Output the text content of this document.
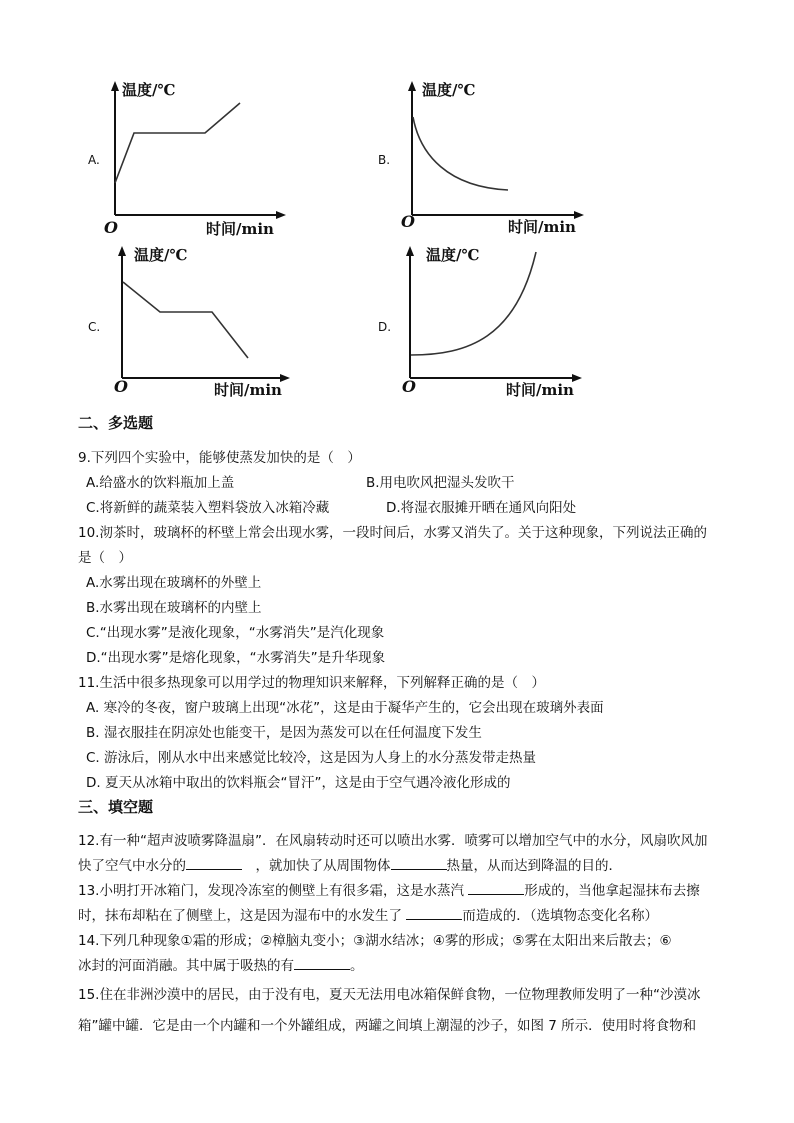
A.
温度/℃
O	时间/min
B.
温度/℃
O	时间/min
C.
温度/℃
O	时间/min
D.
温度/℃
O	时间/min
二、多选题
9.下列四个实验中，能够使蒸发加快的是（　）
A.给盛水的饮料瓶加上盖	B.用电吹风把湿头发吹干
C.将新鲜的蔬菜装入塑料袋放入冰箱冷藏	D.将湿衣服摊开晒在通风向阳处
10.沏茶时，玻璃杯的杯壁上常会出现水雾，一段时间后，水雾又消失了。关于这种现象，下列说法正确的
是（　）
A.水雾出现在玻璃杯的外壁上
B.水雾出现在玻璃杯的内壁上
C.“出现水雾”是液化现象，“水雾消失”是汽化现象
D.“出现水雾”是熔化现象，“水雾消失”是升华现象
11.生活中很多热现象可以用学过的物理知识来解释，下列解释正确的是（　）
A. 寒冷的冬夜，窗户玻璃上出现“冰花”，这是由于凝华产生的，它会出现在玻璃外表面
B. 湿衣服挂在阴凉处也能变干，是因为蒸发可以在任何温度下发生
C. 游泳后，刚从水中出来感觉比较冷，这是因为人身上的水分蒸发带走热量
D. 夏天从冰箱中取出的饮料瓶会“冒汗”，这是由于空气遇冷液化形成的
三、填空题
12.有一种“超声波喷雾降温扇”．在风扇转动时还可以喷出水雾．喷雾可以增加空气中的水分，风扇吹风加
快了空气中水分的	　，就加快了从周围物体	热量，从而达到降温的目的．
13.小明打开冰箱门，发现冷冻室的侧壁上有很多霜，这是水蒸汽	形成的，当他拿起湿抹布去擦
时，抹布却粘在了侧壁上，这是因为湿布中的水发生了	而造成的．（选填物态变化名称）
14.下列几种现象①霜的形成；②樟脑丸变小；③湖水结冰；④雾的形成；⑤雾在太阳出来后散去；⑥
冰封的河面消融。其中属于吸热的有	。
15.住在非洲沙漠中的居民，由于没有电，夏天无法用电冰箱保鲜食物，一位物理教师发明了一种“沙漠冰
箱”罐中罐．它是由一个内罐和一个外罐组成，两罐之间填上潮湿的沙子，如图 7 所示．使用时将食物和
